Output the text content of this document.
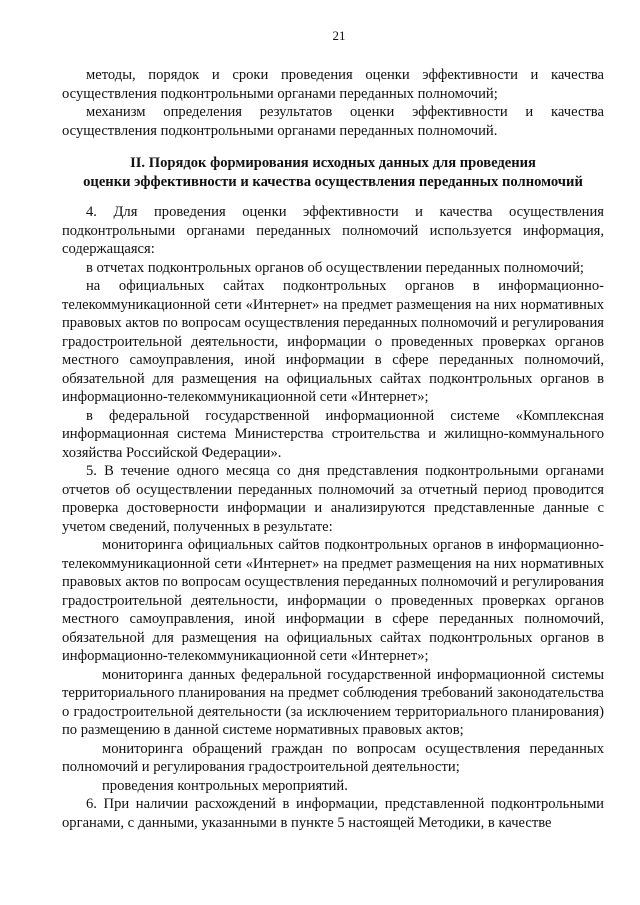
21

методы, порядок и сроки проведения оценки эффективности и качества осуществления подконтрольными органами переданных полномочий;

механизм определения результатов оценки эффективности и качества осуществления подконтрольными органами переданных полномочий.

II. Порядок формирования исходных данных для проведения
оценки эффективности и качества осуществления переданных полномочий

4. Для проведения оценки эффективности и качества осуществления подконтрольными органами переданных полномочий используется информация, содержащаяся:

в отчетах подконтрольных органов об осуществлении переданных полномочий;

на официальных сайтах подконтрольных органов в информационно-телекоммуникационной сети «Интернет» на предмет размещения на них нормативных правовых актов по вопросам осуществления переданных полномочий и регулирования градостроительной деятельности, информации о проведенных проверках органов местного самоуправления, иной информации в сфере переданных полномочий, обязательной для размещения на официальных сайтах подконтрольных органов в информационно-телекоммуникационной сети «Интернет»;

в федеральной государственной информационной системе «Комплексная информационная система Министерства строительства и жилищно-коммунального хозяйства Российской Федерации».

5. В течение одного месяца со дня представления подконтрольными органами отчетов об осуществлении переданных полномочий за отчетный период проводится проверка достоверности информации и анализируются представленные данные с учетом сведений, полученных в результате:

мониторинга официальных сайтов подконтрольных органов в информационно-телекоммуникационной сети «Интернет» на предмет размещения на них нормативных правовых актов по вопросам осуществления переданных полномочий и регулирования градостроительной деятельности, информации о проведенных проверках органов местного самоуправления, иной информации в сфере переданных полномочий, обязательной для размещения на официальных сайтах подконтрольных органов в информационно-телекоммуникационной сети «Интернет»;

мониторинга данных федеральной государственной информационной системы территориального планирования на предмет соблюдения требований законодательства о градостроительной деятельности (за исключением территориального планирования) по размещению в данной системе нормативных правовых актов;

мониторинга обращений граждан по вопросам осуществления переданных полномочий и регулирования градостроительной деятельности;

проведения контрольных мероприятий.

6. При наличии расхождений в информации, представленной подконтрольными органами, с данными, указанными в пункте 5 настоящей Методики, в качестве
